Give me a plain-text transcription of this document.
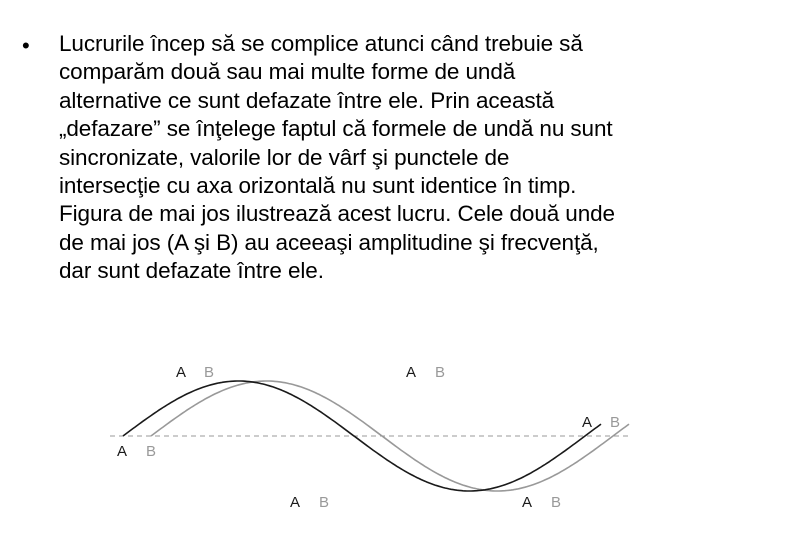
• Lucrurile încep să se complice atunci când trebuie să
comparăm două sau mai multe forme de undă
alternative ce sunt defazate între ele. Prin această
„defazare” se înţelege faptul că formele de undă nu sunt
sincronizate, valorile lor de vârf şi punctele de
intersecţie cu axa orizontală nu sunt identice în timp.
Figura de mai jos ilustrează acest lucru. Cele două unde
de mai jos (A şi B) au aceeaşi amplitudine şi frecvenţă,
dar sunt defazate între ele.
A
A
A
A
A
A
B
B
B
B
B
B
